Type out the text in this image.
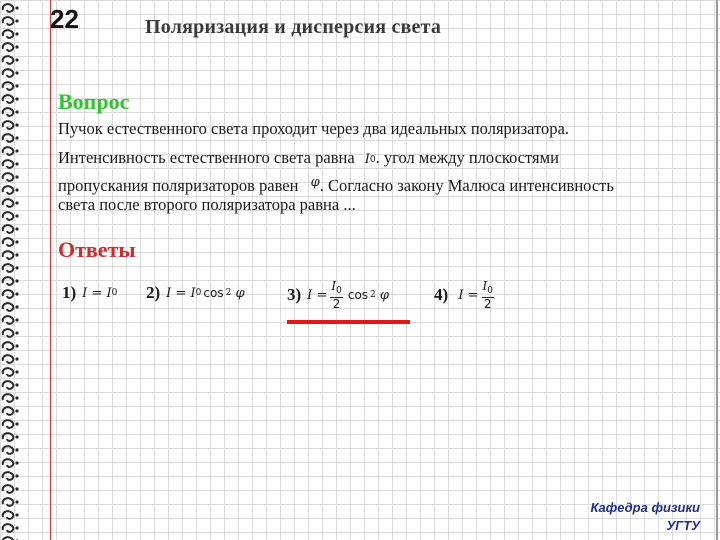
22	Поляризация и дисперсия света
Вопрос
Пучок естественного света проходит через два идеальных поляризатора.
Интенсивность естественного света равна I 0 . угол между плоскостями
пропускания поляризаторов равен φ . Согласно закону Малюса интенсивность
света после второго поляризатора равна ...
Ответы
1) I
=
I 0 2) I
=
I 0 cos 2
φ 3) I
= $\frac{I_0}{2}$ cos 2
φ	4)
I
= $\frac{I_0}{2}$
Кафедра физики
УГТУ
